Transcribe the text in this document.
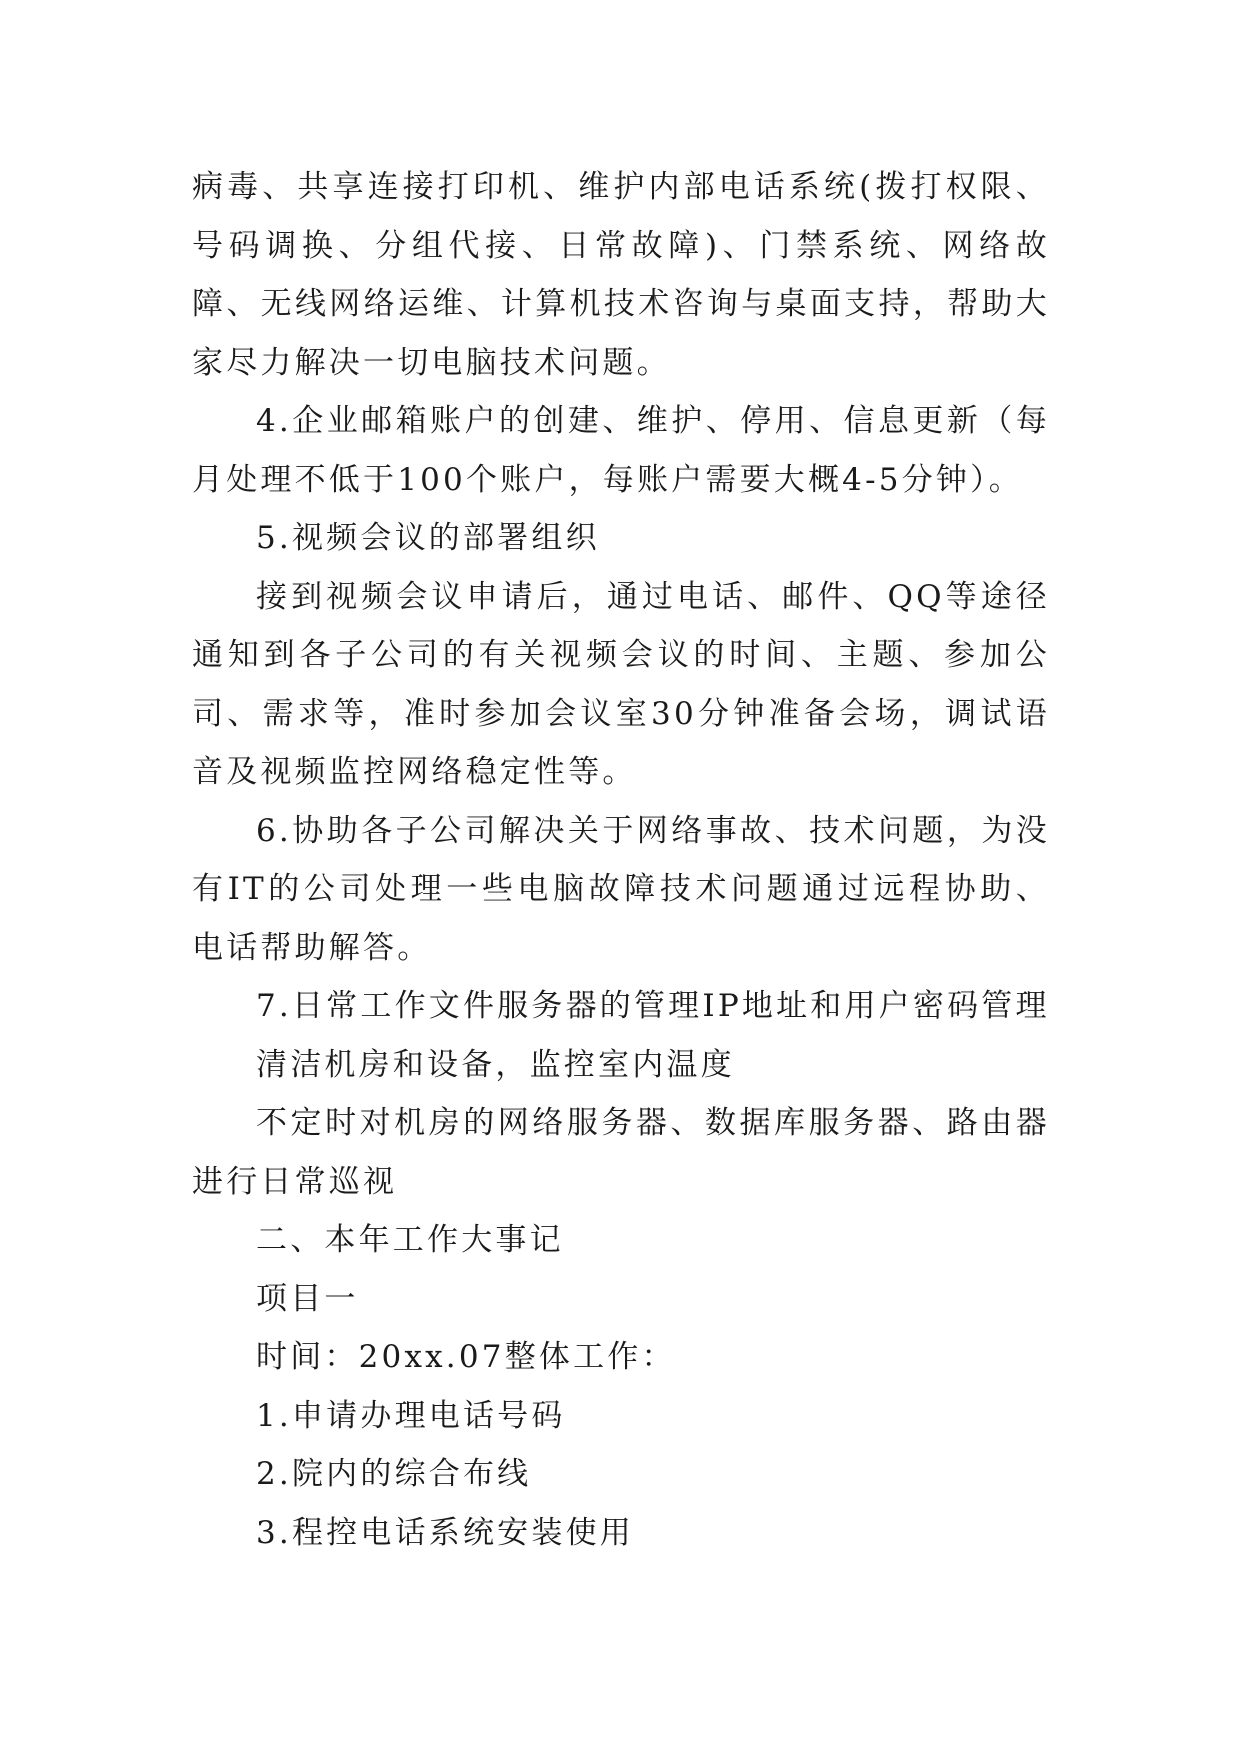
病毒、共享连接打印机、维护内部电话系统(拨打权限、号码调换、分组代接、日常故障)、门禁系统、网络故障、无线网络运维、计算机技术咨询与桌面支持，帮助大家尽力解决一切电脑技术问题。

4.企业邮箱账户的创建、维护、停用、信息更新（每月处理不低于100个账户，每账户需要大概4-5分钟）。

5.视频会议的部署组织

接到视频会议申请后，通过电话、邮件、QQ等途径通知到各子公司的有关视频会议的时间、主题、参加公司、需求等，准时参加会议室30分钟准备会场，调试语音及视频监控网络稳定性等。

6.协助各子公司解决关于网络事故、技术问题，为没有IT的公司处理一些电脑故障技术问题通过远程协助、电话帮助解答。

7.日常工作文件服务器的管理IP地址和用户密码管理

清洁机房和设备，监控室内温度

不定时对机房的网络服务器、数据库服务器、路由器进行日常巡视

二、本年工作大事记

项目一

时间：20xx.07整体工作：

1.申请办理电话号码

2.院内的综合布线

3.程控电话系统安装使用
